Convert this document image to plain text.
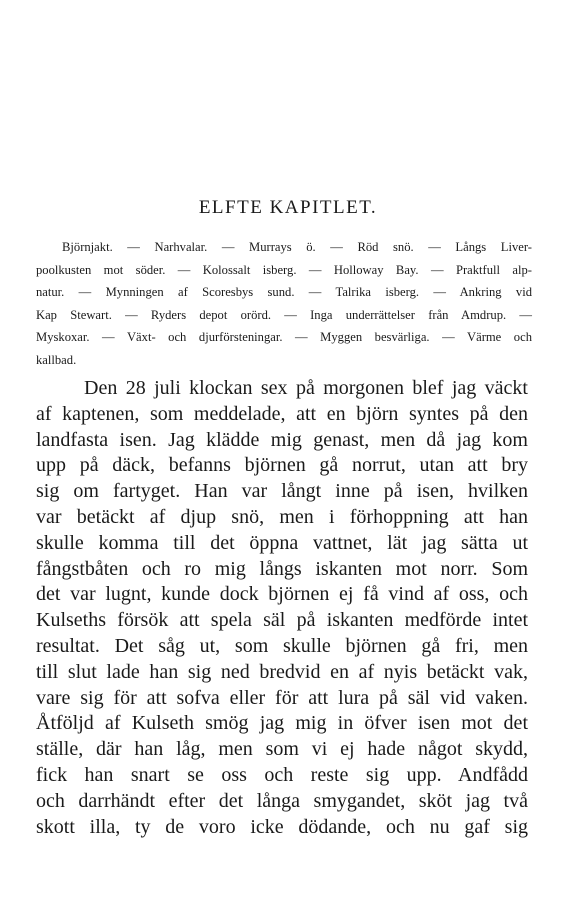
ELFTE KAPITLET.

Björnjakt. — Narhvalar. — Murrays ö. — Röd snö. — Långs Liver-
poolkusten mot söder. — Kolossalt isberg. — Holloway Bay. — Praktfull alp-
natur. — Mynningen af Scoresbys sund. — Talrika isberg. — Ankring vid
Kap Stewart. — Ryders depot orörd. — Inga underrättelser från Amdrup. —
Myskoxar. — Växt- och djurförsteningar. — Myggen besvärliga. — Värme och
kallbad.

Den 28 juli klockan sex på morgonen blef jag väckt
af kaptenen, som meddelade, att en björn syntes på den
landfasta isen. Jag klädde mig genast, men då jag kom
upp på däck, befanns björnen gå norrut, utan att bry
sig om fartyget. Han var långt inne på isen, hvilken
var betäckt af djup snö, men i förhoppning att han
skulle komma till det öppna vattnet, lät jag sätta ut
fångstbåten och ro mig långs iskanten mot norr. Som
det var lugnt, kunde dock björnen ej få vind af oss, och
Kulseths försök att spela säl på iskanten medförde intet
resultat. Det såg ut, som skulle björnen gå fri, men
till slut lade han sig ned bredvid en af nyis betäckt vak,
vare sig för att sofva eller för att lura på säl vid vaken.
Åtföljd af Kulseth smög jag mig in öfver isen mot det
ställe, där han låg, men som vi ej hade något skydd,
fick han snart se oss och reste sig upp. Andfådd
och darrhändt efter det långa smygandet, sköt jag två
skott illa, ty de voro icke dödande, och nu gaf sig
